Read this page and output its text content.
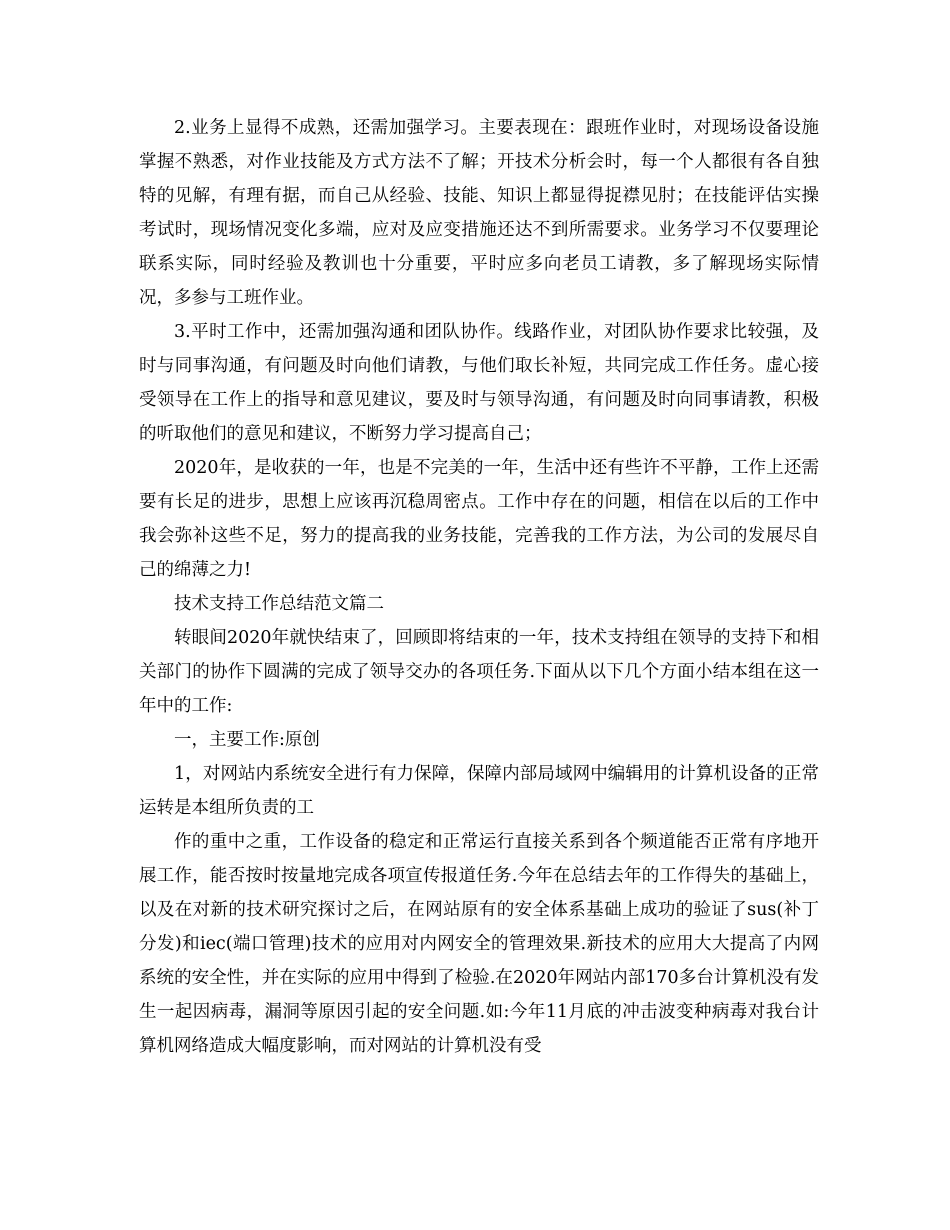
2.业务上显得不成熟，还需加强学习。主要表现在：跟班作业时，对现场设备设施掌握不熟悉，对作业技能及方式方法不了解；开技术分析会时，每一个人都很有各自独特的见解，有理有据，而自己从经验、技能、知识上都显得捉襟见肘；在技能评估实操考试时，现场情况变化多端，应对及应变措施还达不到所需要求。业务学习不仅要理论联系实际，同时经验及教训也十分重要，平时应多向老员工请教，多了解现场实际情况，多参与工班作业。

3.平时工作中，还需加强沟通和团队协作。线路作业，对团队协作要求比较强，及时与同事沟通，有问题及时向他们请教，与他们取长补短，共同完成工作任务。虚心接受领导在工作上的指导和意见建议，要及时与领导沟通，有问题及时向同事请教，积极的听取他们的意见和建议，不断努力学习提高自己；

2020年，是收获的一年，也是不完美的一年，生活中还有些许不平静，工作上还需要有长足的进步，思想上应该再沉稳周密点。工作中存在的问题，相信在以后的工作中我会弥补这些不足，努力的提高我的业务技能，完善我的工作方法，为公司的发展尽自己的绵薄之力!

技术支持工作总结范文篇二

转眼间2020年就快结束了，回顾即将结束的一年，技术支持组在领导的支持下和相关部门的协作下圆满的完成了领导交办的各项任务.下面从以下几个方面小结本组在这一年中的工作:

一，主要工作:原创

1，对网站内系统安全进行有力保障，保障内部局域网中编辑用的计算机设备的正常运转是本组所负责的工

作的重中之重，工作设备的稳定和正常运行直接关系到各个频道能否正常有序地开展工作，能否按时按量地完成各项宣传报道任务.今年在总结去年的工作得失的基础上，以及在对新的技术研究探讨之后，在网站原有的安全体系基础上成功的验证了sus(补丁分发)和iec(端口管理)技术的应用对内网安全的管理效果.新技术的应用大大提高了内网系统的安全性，并在实际的应用中得到了检验.在2020年网站内部170多台计算机没有发生一起因病毒，漏洞等原因引起的安全问题.如:今年11月底的冲击波变种病毒对我台计算机网络造成大幅度影响，而对网站的计算机没有受
